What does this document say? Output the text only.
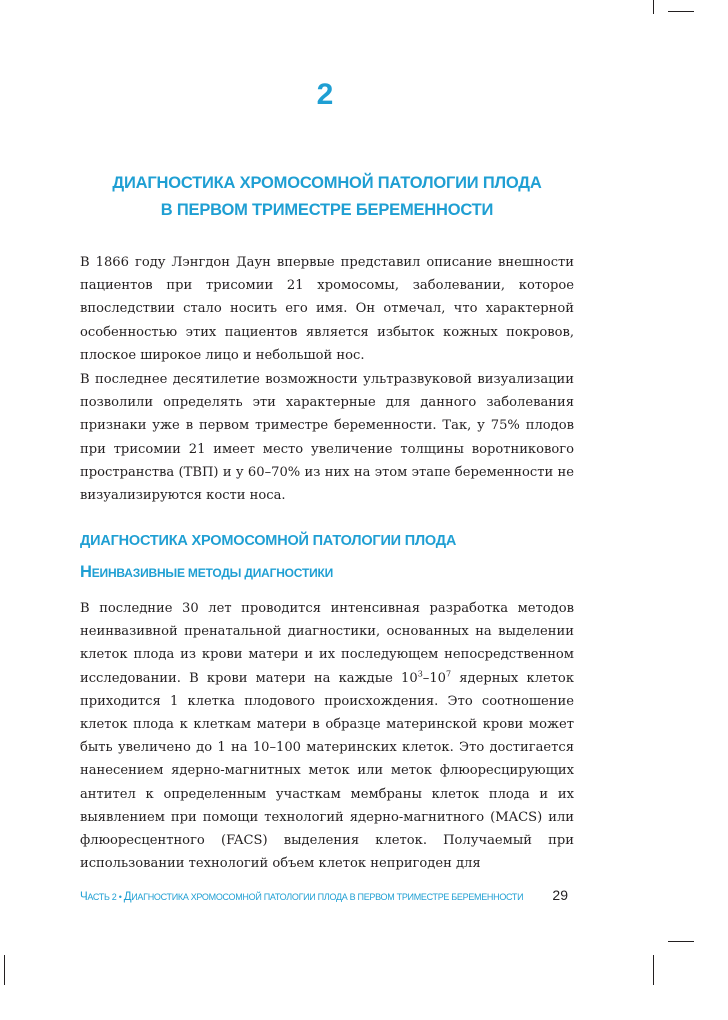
2
ДИАГНОСТИКА ХРОМОСОМНОЙ ПАТОЛОГИИ ПЛОДА
В ПЕРВОМ ТРИМЕСТРЕ БЕРЕМЕННОСТИ

В 1866 году Лэнгдон Даун впервые представил описание внешности пациентов при трисомии 21 хромосомы, заболевании, которое впоследствии стало носить его имя. Он отмечал, что характерной особенностью этих пациентов является избыток кожных покровов, плоское широкое лицо и небольшой нос.

В последнее десятилетие возможности ультразвуковой визуализации позволили определять эти характерные для данного заболевания признаки уже в первом триместре беременности. Так, у 75% плодов при трисомии 21 имеет место увеличение толщины воротникового пространства (ТВП) и у 60–70% из них на этом этапе беременности не визуализируются кости носа.

ДИАГНОСТИКА ХРОМОСОМНОЙ ПАТОЛОГИИ ПЛОДА
НЕИНВАЗИВНЫЕ МЕТОДЫ ДИАГНОСТИКИ

В последние 30 лет проводится интенсивная разработка методов неинвазивной пренатальной диагностики, основанных на выделении клеток плода из крови матери и их последующем непосредственном исследовании. В крови матери на каждые $10^3-10^7$ ядерных клеток приходится 1 клетка плодового происхождения. Это соотношение клеток плода к клеткам матери в образце материнской крови может быть увеличено до 1 на 10–100 материнских клеток. Это достигается нанесением ядерно-магнитных меток или меток флюоресцирующих антител к определенным участкам мембраны клеток плода и их выявлением при помощи технологий ядерно-магнитного (MACS) или флюоресцентного (FACS) выделения клеток. Получаемый при использовании технологий объем клеток непригоден для

ЧАСТЬ 2 • ДИАГНОСТИКА ХРОМОСОМНОЙ ПАТОЛОГИИ ПЛОДА В ПЕРВОМ ТРИМЕСТРЕ БЕРЕМЕННОСТИ 29
